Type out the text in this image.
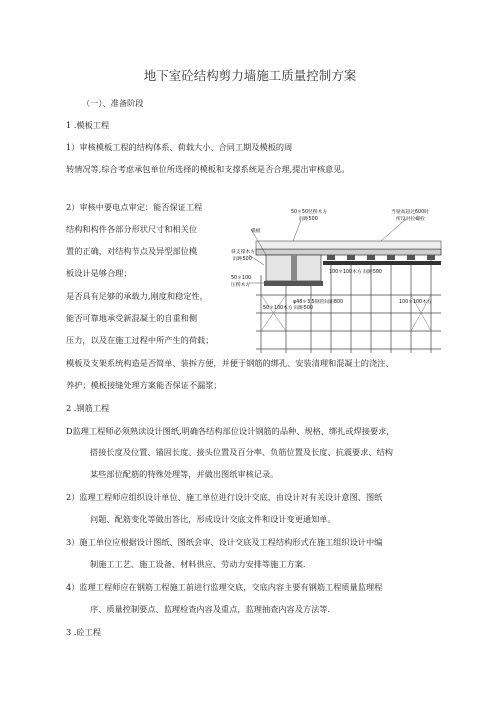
地下室砼结构剪力墙施工质量控制方案
（一）、准备阶段
1 .模板工程
1）审核模板工程的结构体系、荷载大小、合同工期及模板的周
转情况等,综合考虑承包单位所选择的模板和支撑系统是否合理,提出审核意见。
2）审核中要电点审定：能否保证工程
结构和构件各部分形状尺寸和相关位
置的正确，对结构节点及异型部位模
板设计是够合理；
是否具有足够的承载力,刚度和稳定性，
能否可靠地承受新混凝土的自重和侧
压力，以及在施工过程中所产生的荷载；
模板及支架系统构造是否简单、装拆方便，并便于钢筋的绑孔、安装清理和混凝土的浇注、
养护；模板接缝处理方案能否保证不漏浆；
2 .钢筋工程
D监理工程师必须熟读设计图纸,明确各结构部位设计钢筋的品种、规格、绑扎或焊接要求，
搭接长度及位置、锚固长度、接头位置及百分率、负筋位置及长度、抗震要求、结构
某些部位配筋的特殊处理等，并做出图纸审核记录。
2）监理工程师应组织设计单位、施工单位进行设计交底，由设计对有关设计意图、图纸
问题、配筋变化等做出答比，形成设计交底文件和设计变更通知单。
3）施工单位应根据设计图纸、图纸会审、设计交底及工程结构形式在施工组织设计中编
制施工工艺、施工设备、材料供应、劳动力安排等施工方案.
4）监理工程师应在钢筋工程施工前进行监理交底，交底内容主要有钢筋工程质量监理程
序、质量控制要点、监理检查内容及重点，监理抽查内容及方法等.
3 .砼工程
50＊50竖楞木方
间距500
当梁高超过600时
所设对拉螺栓
模板
斜支撑木方
间距500
50＊100
压楞木方
100＊100木方 间距500
φ48＊3.5钢管间距800
50＊100木方 间距500
100＊100木方
